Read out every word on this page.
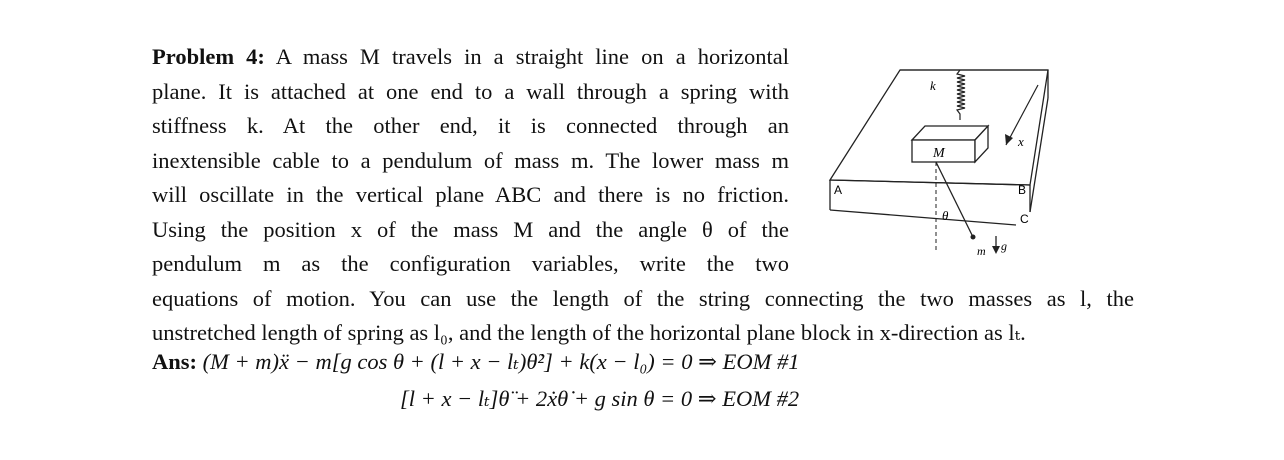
Problem 4: A mass M travels in a straight line on a horizontal
plane. It is attached at one end to a wall through a spring with
stiffness k. At the other end, it is connected through an
inextensible cable to a pendulum of mass m. The lower mass m
will oscillate in the vertical plane ABC and there is no friction.
Using the position x of the mass M and the angle θ of the
pendulum m as the configuration variables, write the two
equations of motion. You can use the length of the string connecting the two masses as l, the
unstretched length of spring as l₀, and the length of the horizontal plane block in x-direction as lₜ.
Ans: (M + m)ẍ − m[g cos θ + (l + x − lₜ)θ̇²] + k(x − l₀) = 0 ⇒ EOM #1
[l + x − lₜ]θ̈ + 2ẋθ̇ + g sin θ = 0 ⇒ EOM #2
M
k
x
θ
m g
A	B
C
